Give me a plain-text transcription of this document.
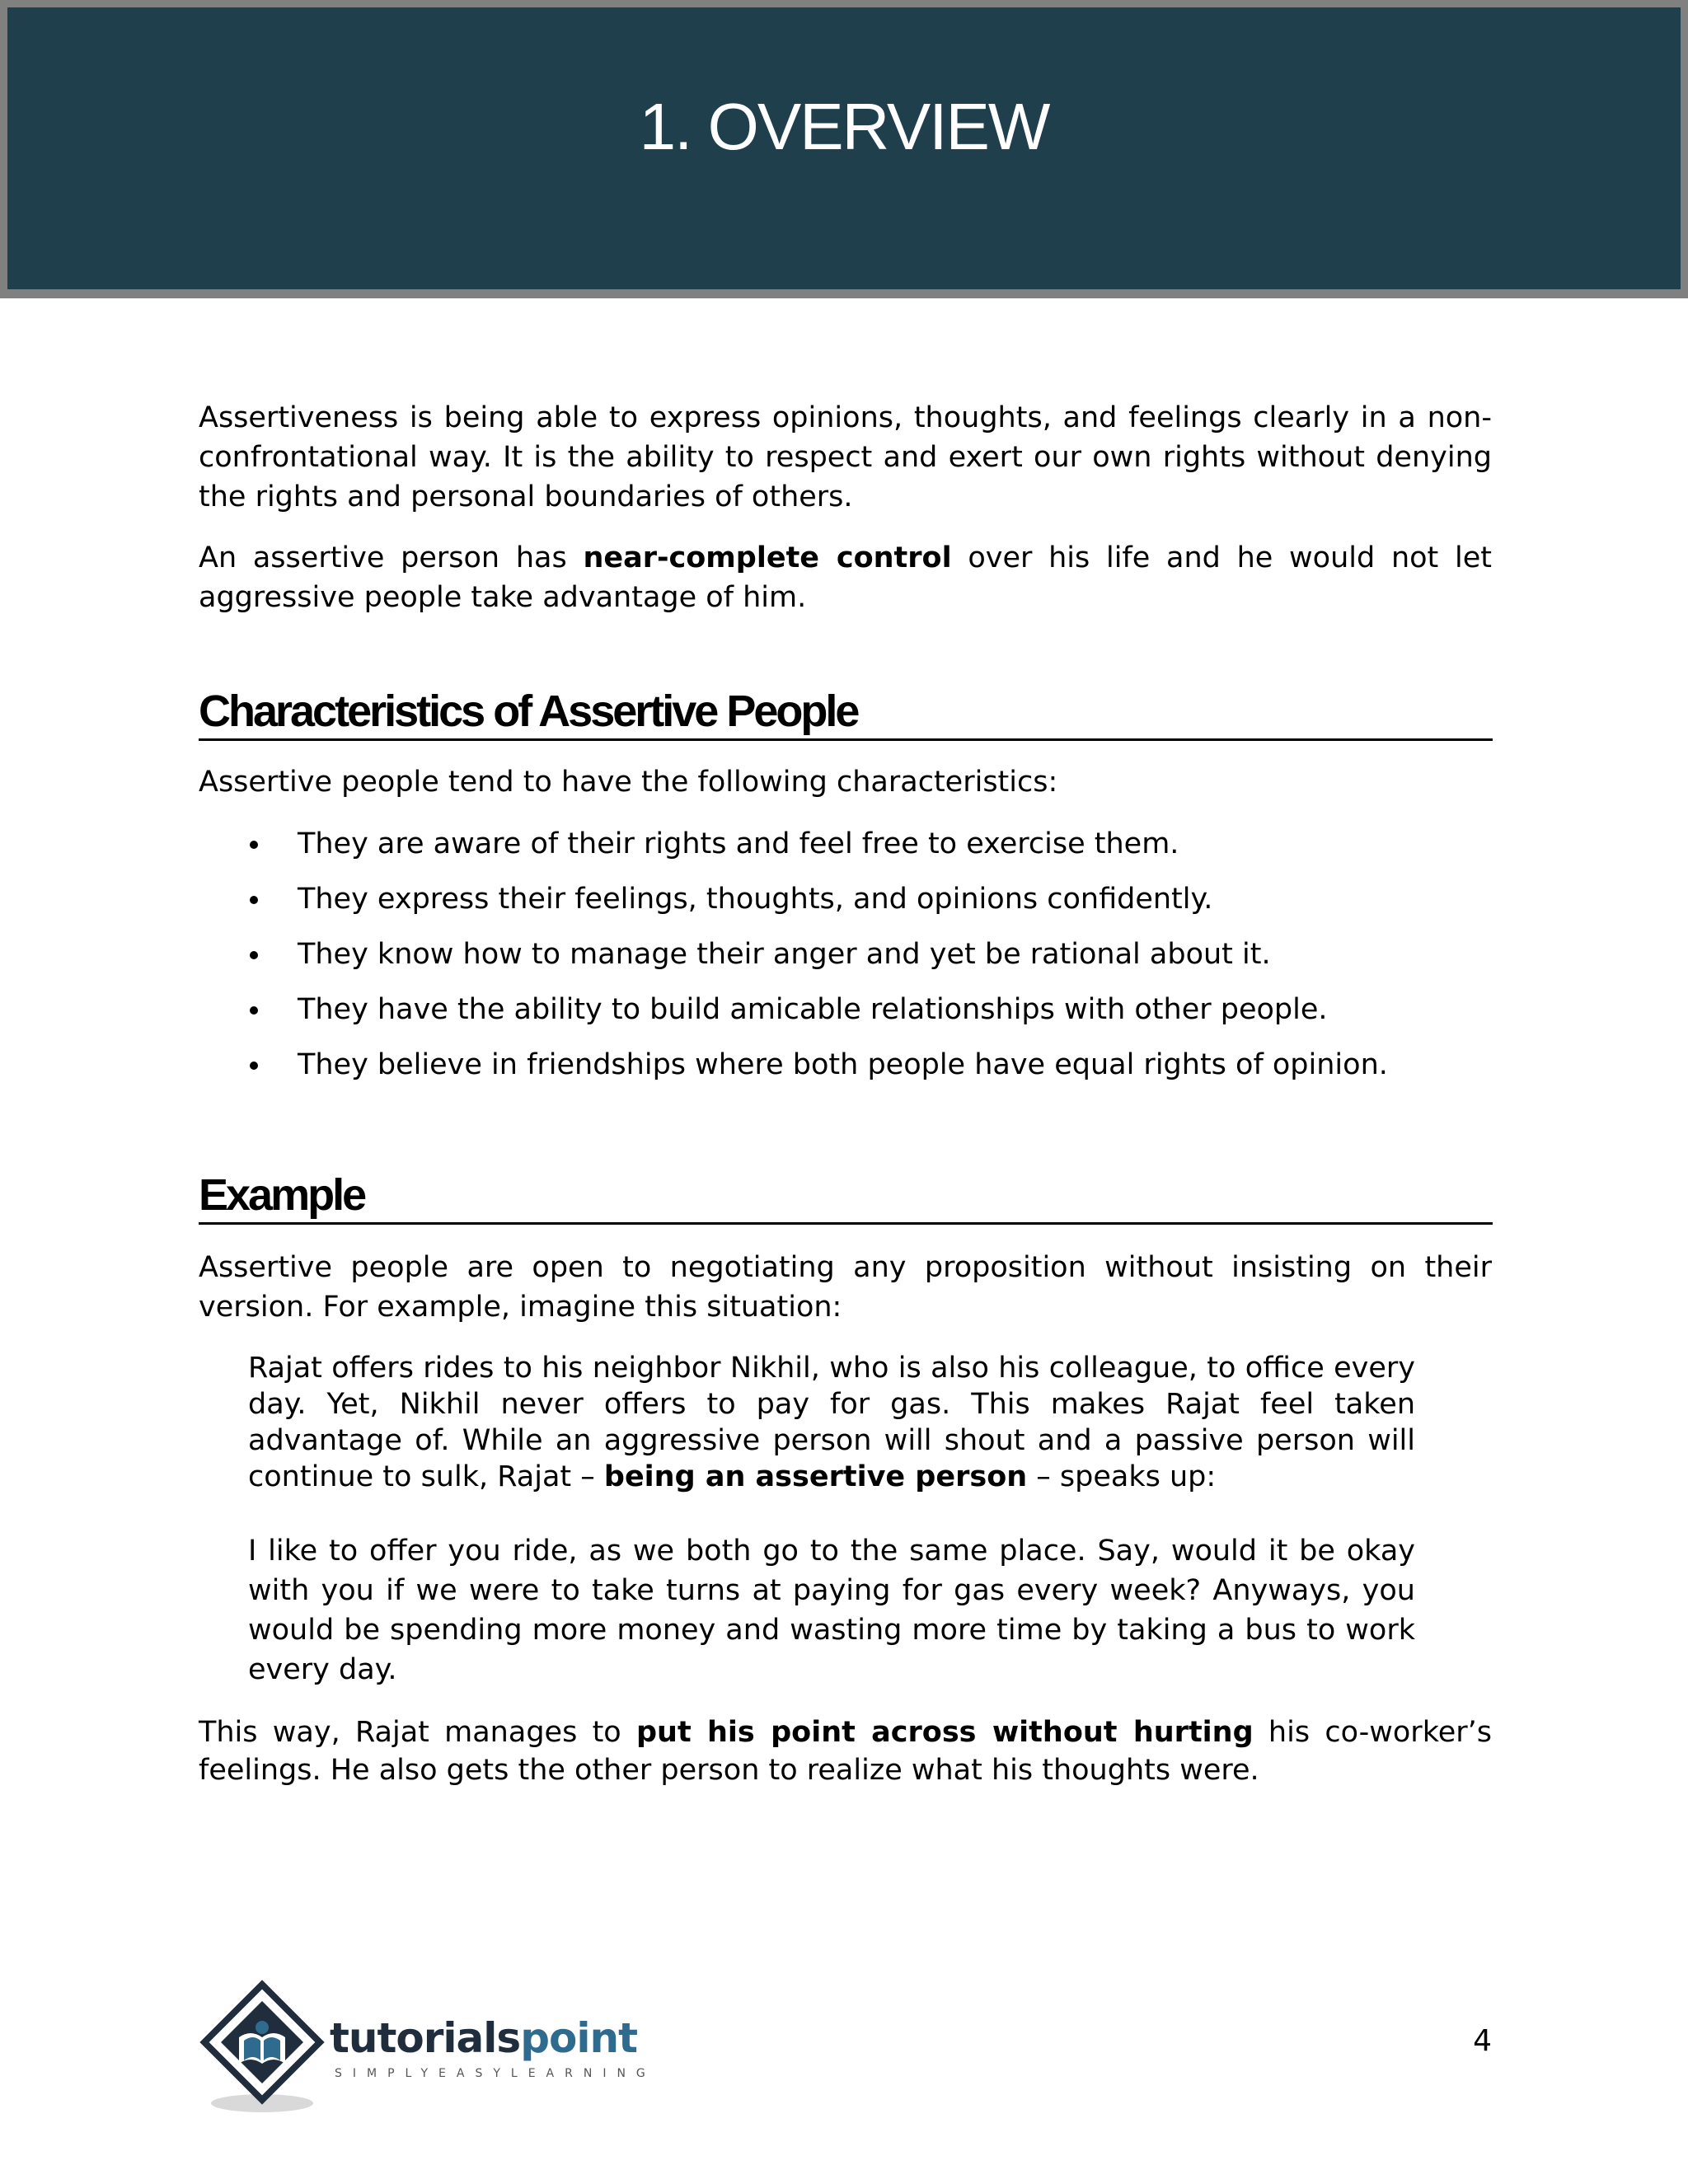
1. OVERVIEW

Assertiveness is being able to express opinions, thoughts, and feelings clearly in a non-confrontational way. It is the ability to respect and exert our own rights without denying the rights and personal boundaries of others.

An assertive person has near-complete control over his life and he would not let aggressive people take advantage of him.

Characteristics of Assertive People

Assertive people tend to have the following characteristics:

They are aware of their rights and feel free to exercise them.
They express their feelings, thoughts, and opinions confidently.
They know how to manage their anger and yet be rational about it.
They have the ability to build amicable relationships with other people.
They believe in friendships where both people have equal rights of opinion.
Example

Assertive people are open to negotiating any proposition without insisting on their version. For example, imagine this situation:

Rajat offers rides to his neighbor Nikhil, who is also his colleague, to office every day. Yet, Nikhil never offers to pay for gas. This makes Rajat feel taken advantage of. While an aggressive person will shout and a passive person will continue to sulk, Rajat – being an assertive person – speaks up:

I like to offer you ride, as we both go to the same place. Say, would it be okay with you if we were to take turns at paying for gas every week? Anyways, you would be spending more money and wasting more time by taking a bus to work every day.

This way, Rajat manages to put his point across without hurting his co-worker’s feelings. He also gets the other person to realize what his thoughts were.

tutorialspoint
SIMPLYEASYLEARNING
4
